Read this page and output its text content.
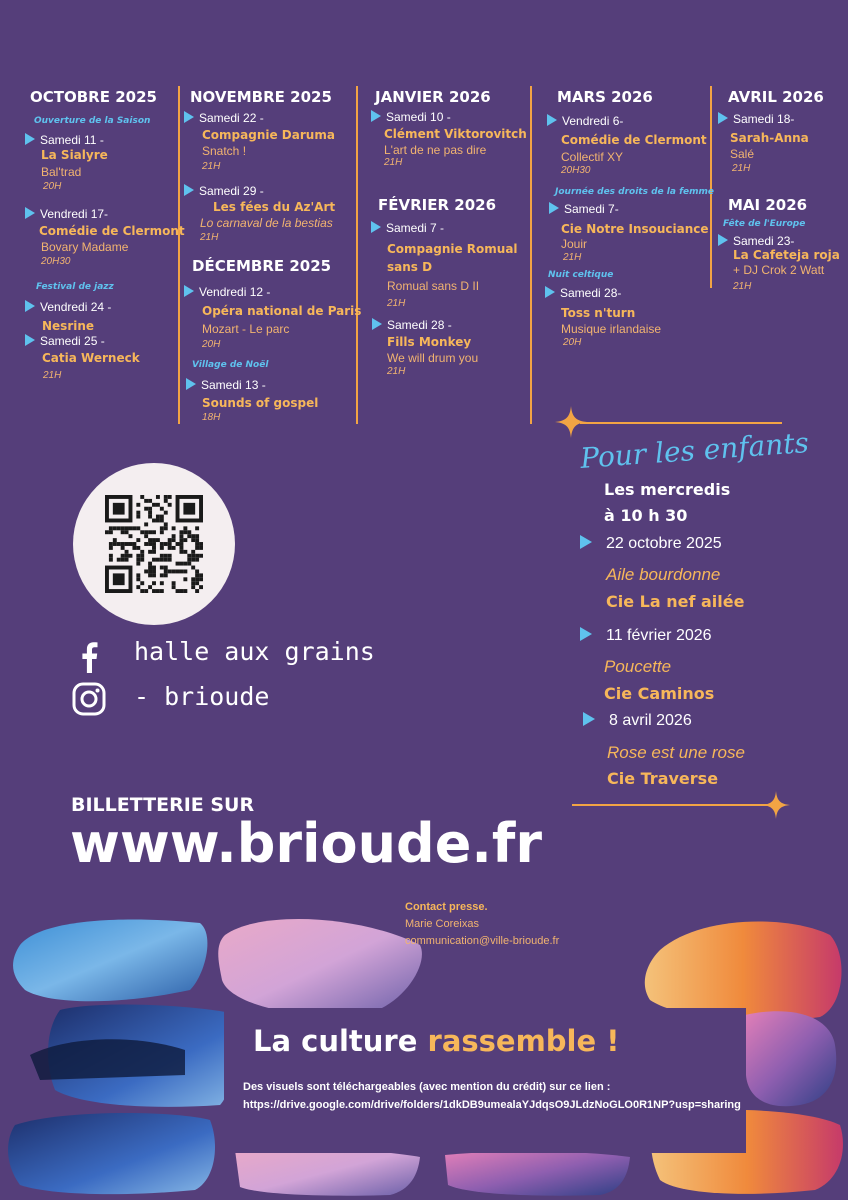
OCTOBRE 2025
Ouverture de la Saison
Samedi 11 -
La Sialyre
Bal'trad
20H
Vendredi 17-
Comédie de Clermont
Bovary Madame
20H30
Festival de jazz
Vendredi 24 -
Nesrine
Samedi 25 -
Catia Werneck
21H
NOVEMBRE 2025
Samedi 22 -
Compagnie Daruma
Snatch !
21H
Samedi 29 -
Les fées du Az'Art
Lo carnaval de la bestias
21H
DÉCEMBRE 2025
Vendredi 12 -
Opéra national de Paris
Mozart - Le parc
20H
Village de Noël
Samedi 13 -
Sounds of gospel
18H
JANVIER 2026
Samedi 10 -
Clément Viktorovitch
L'art de ne pas dire
21H
FÉVRIER 2026
Samedi 7 -
Compagnie Romual
sans D
Romual sans D II
21H
Samedi 28 -
Fills Monkey
We will drum you
21H
MARS 2026
Vendredi 6-
Comédie de Clermont
Collectif XY
20H30
Journée des droits de la femme
Samedi 7-
Cie Notre Insouciance
Jouir
21H
Nuit celtique
Samedi 28-
Toss n'turn
Musique irlandaise
20H
AVRIL 2026
Samedi 18-
Sarah-Anna
Salé
21H
MAI 2026
Fête de l'Europe
Samedi 23-
La Cafeteja roja
+ DJ Crok 2 Watt
21H
Pour les enfants
Les mercredis
à 10 h 30
22 octobre 2025
Aile bourdonne
Cie La nef ailée
11 février 2026
Poucette
Cie Caminos
8 avril 2026
Rose est une rose
Cie Traverse
halle aux grains
- brioude
BILLETTERIE SUR
www.brioude.fr
Contact presse.
Marie Coreixas
communication@ville-brioude.fr
La culture rassemble !
Des visuels sont téléchargeables (avec mention du crédit) sur ce lien :
https://drive.google.com/drive/folders/1dkDB9umealaYJdqsO9JLdzNoGLO0R1NP?usp=sharing
